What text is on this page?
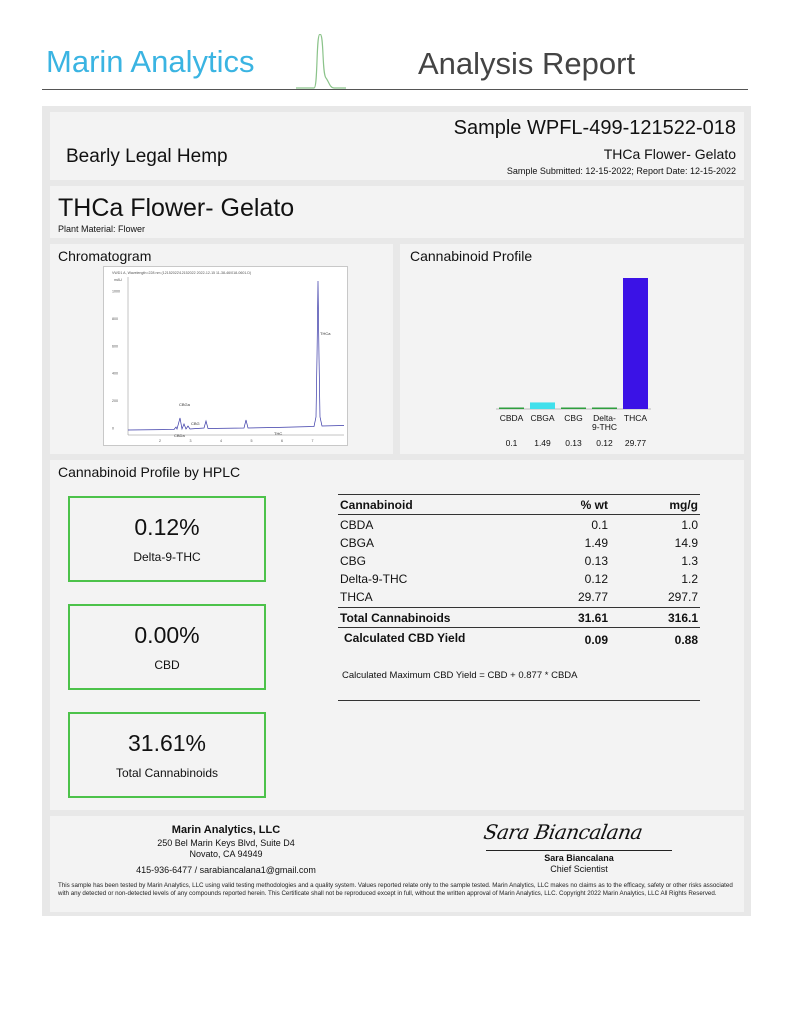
Marin Analytics	Analysis Report
Bearly Legal Hemp
Sample WPFL-499-121522-018
THCa Flower- Gelato
Sample Submitted: 12-15-2022; Report Date: 12-15-2022
THCa Flower- Gelato
Plant Material: Flower
Chromatogram
VWD1 A, Wavelength=228 nm (12152022\12152022 2022-12-15 11-38-46\018-0601.D)
mAU
1000
800
600
400
200
0
2	3	4	5	6	7
CBGa
CBG
CBDa	THC
THCa
Cannabinoid Profile
CBDA
0.1
CBGA
1.49
CBG
0.13
Delta-
9-THC
0.12
THCA
29.77
Cannabinoid Profile by HPLC
0.12%
Delta-9-THC
0.00%
CBD
31.61%
Total Cannabinoids
Cannabinoid	% wt	mg/g
CBDA	0.1	1.0
CBGA	1.49	14.9
CBG	0.13	1.3
Delta-9-THC	0.12	1.2
THCA	29.77	297.7
Total Cannabinoids	31.61	316.1
Calculated CBD Yield	0.09	0.88
Calculated Maximum CBD Yield = CBD + 0.877 * CBDA
Marin Analytics, LLC
250 Bel Marin Keys Blvd, Suite D4
Novato, CA 94949
415-936-6477 / sarabiancalana1@gmail.com
Sara Biancalana
Sara Biancalana
Chief Scientist
This sample has been tested by Marin Analytics, LLC using valid testing methodologies and a quality system. Values reported relate only to the sample tested. Marin Analytics, LLC makes no claims as to the efficacy, safety or other risks associated with any detected or non-detected levels of any compounds reported herein. This Certificate shall not be reproduced except in full, without the written approval of Marin Analytics, LLC. Copyright 2022 Marin Analytics, LLC All Rights Reserved.
